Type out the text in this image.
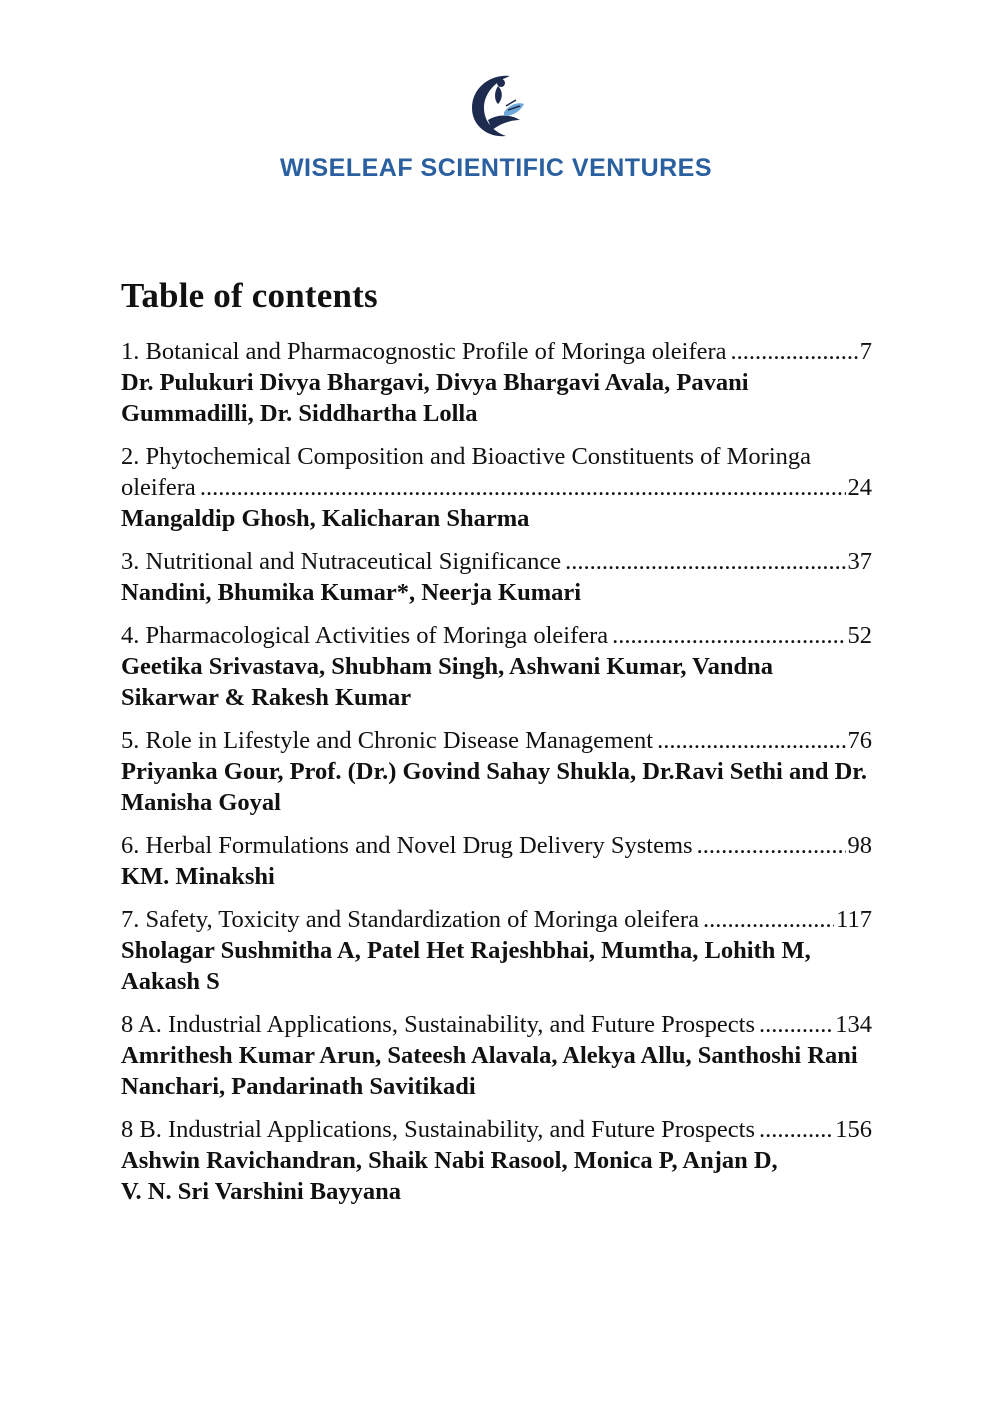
WISELEAF SCIENTIFIC VENTURES
Table of contents
1. Botanical and Pharmacognostic Profile of Moringa oleifera .....	7
Dr. Pulukuri Divya Bhargavi, Divya Bhargavi Avala, Pavani Gummadilli, Dr. Siddhartha Lolla
2. Phytochemical Composition and Bioactive Constituents of Moringa
oleifera .....	24
Mangaldip Ghosh, Kalicharan Sharma
3. Nutritional and Nutraceutical Significance .....	37
Nandini, Bhumika Kumar*, Neerja Kumari
4. Pharmacological Activities of Moringa oleifera .....	52
Geetika Srivastava, Shubham Singh, Ashwani Kumar, Vandna Sikarwar & Rakesh Kumar
5. Role in Lifestyle and Chronic Disease Management .....	76
Priyanka Gour, Prof. (Dr.) Govind Sahay Shukla, Dr.Ravi Sethi and Dr. Manisha Goyal
6. Herbal Formulations and Novel Drug Delivery Systems .....	98
KM. Minakshi
7. Safety, Toxicity and Standardization of Moringa oleifera .....	117
Sholagar Sushmitha A, Patel Het Rajeshbhai, Mumtha, Lohith M, Aakash S
8 A. Industrial Applications, Sustainability, and Future Prospects .....	134
Amrithesh Kumar Arun, Sateesh Alavala, Alekya Allu, Santhoshi Rani Nanchari, Pandarinath Savitikadi
8 B. Industrial Applications, Sustainability, and Future Prospects .....	156
Ashwin Ravichandran, Shaik Nabi Rasool, Monica P, Anjan D,
V. N. Sri Varshini Bayyana
